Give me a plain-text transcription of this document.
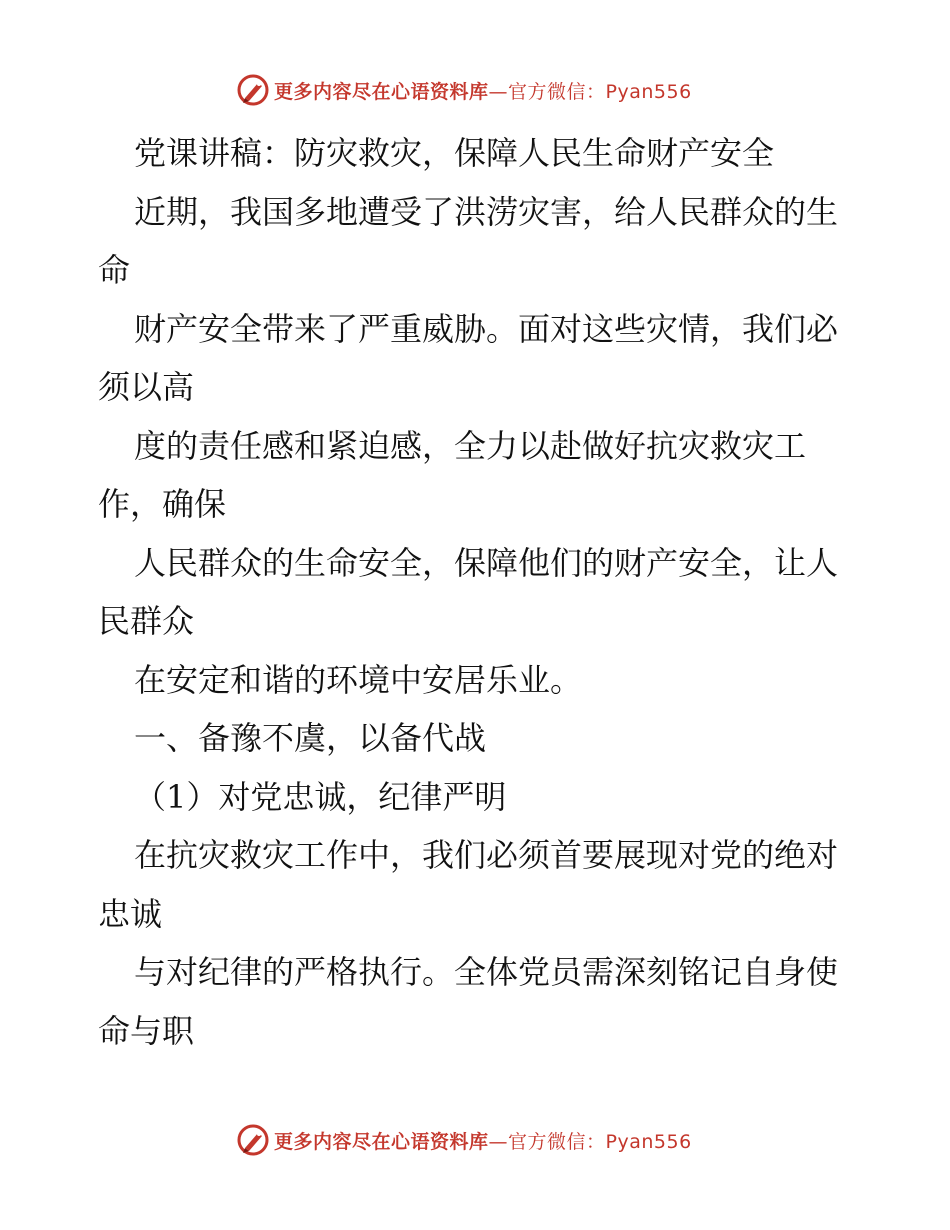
更多内容尽在心语资料库 —官方微信：Pyan556

党课讲稿：防灾救灾，保障人民生命财产安全

近期，我国多地遭受了洪涝灾害，给人民群众的生命

财产安全带来了严重威胁。面对这些灾情，我们必须以高

度的责任感和紧迫感，全力以赴做好抗灾救灾工作，确保

人民群众的生命安全，保障他们的财产安全，让人民群众

在安定和谐的环境中安居乐业。

一、备豫不虞，以备代战

（1）对党忠诚，纪律严明

在抗灾救灾工作中，我们必须首要展现对党的绝对忠诚

与对纪律的严格执行。全体党员需深刻铭记自身使命与职

更多内容尽在心语资料库 —官方微信：Pyan556
